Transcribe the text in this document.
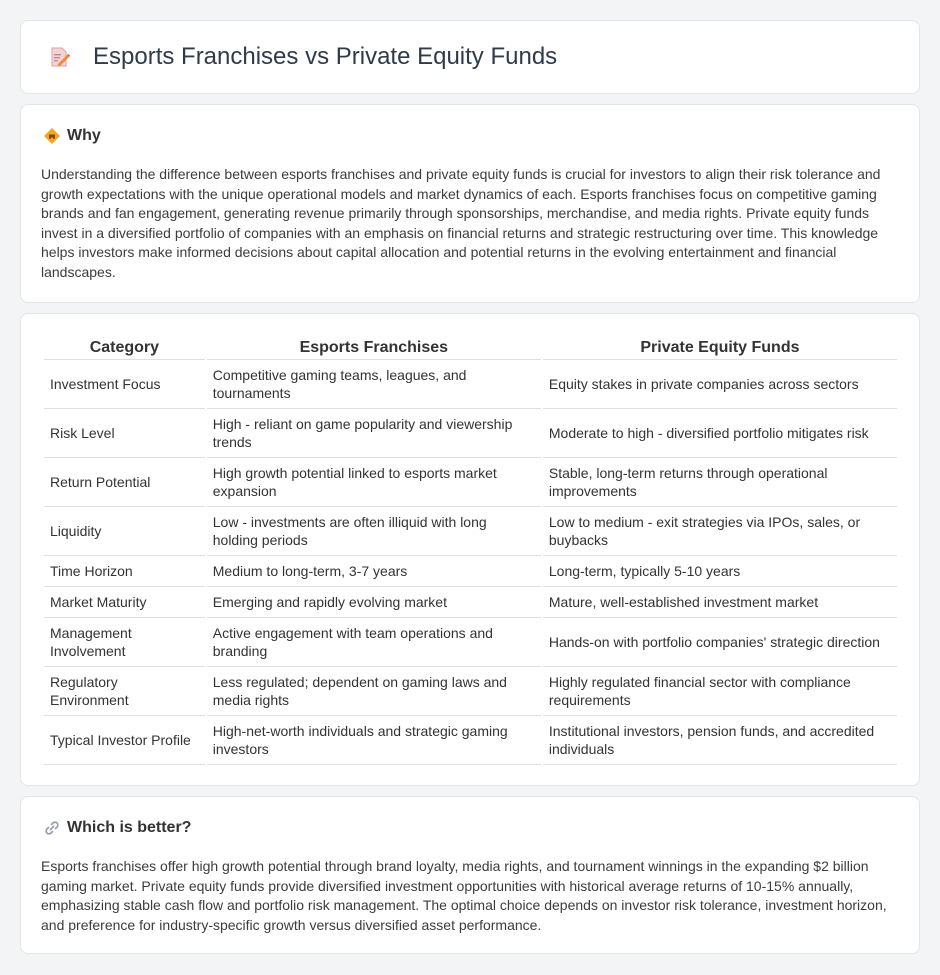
Esports Franchises vs Private Equity Funds
Why

Understanding the difference between esports franchises and private equity funds is crucial for investors to align their risk tolerance and growth expectations with the unique operational models and market dynamics of each. Esports franchises focus on competitive gaming brands and fan engagement, generating revenue primarily through sponsorships, merchandise, and media rights. Private equity funds invest in a diversified portfolio of companies with an emphasis on financial returns and strategic restructuring over time. This knowledge helps investors make informed decisions about capital allocation and potential returns in the evolving entertainment and financial landscapes.

Category	Esports Franchises	Private Equity Funds
Investment Focus	Competitive gaming teams, leagues, and tournaments	Equity stakes in private companies across sectors
Risk Level	High - reliant on game popularity and viewership trends	Moderate to high - diversified portfolio mitigates risk
Return Potential	High growth potential linked to esports market expansion	Stable, long-term returns through operational improvements
Liquidity	Low - investments are often illiquid with long holding periods	Low to medium - exit strategies via IPOs, sales, or buybacks
Time Horizon	Medium to long-term, 3-7 years	Long-term, typically 5-10 years
Market Maturity	Emerging and rapidly evolving market	Mature, well-established investment market
Management Involvement	Active engagement with team operations and branding	Hands-on with portfolio companies' strategic direction
Regulatory Environment	Less regulated; dependent on gaming laws and media rights	Highly regulated financial sector with compliance requirements
Typical Investor Profile	High-net-worth individuals and strategic gaming investors	Institutional investors, pension funds, and accredited individuals
Which is better?

Esports franchises offer high growth potential through brand loyalty, media rights, and tournament winnings in the expanding $2 billion gaming market. Private equity funds provide diversified investment opportunities with historical average returns of 10-15% annually, emphasizing stable cash flow and portfolio risk management. The optimal choice depends on investor risk tolerance, investment horizon, and preference for industry-specific growth versus diversified asset performance.
